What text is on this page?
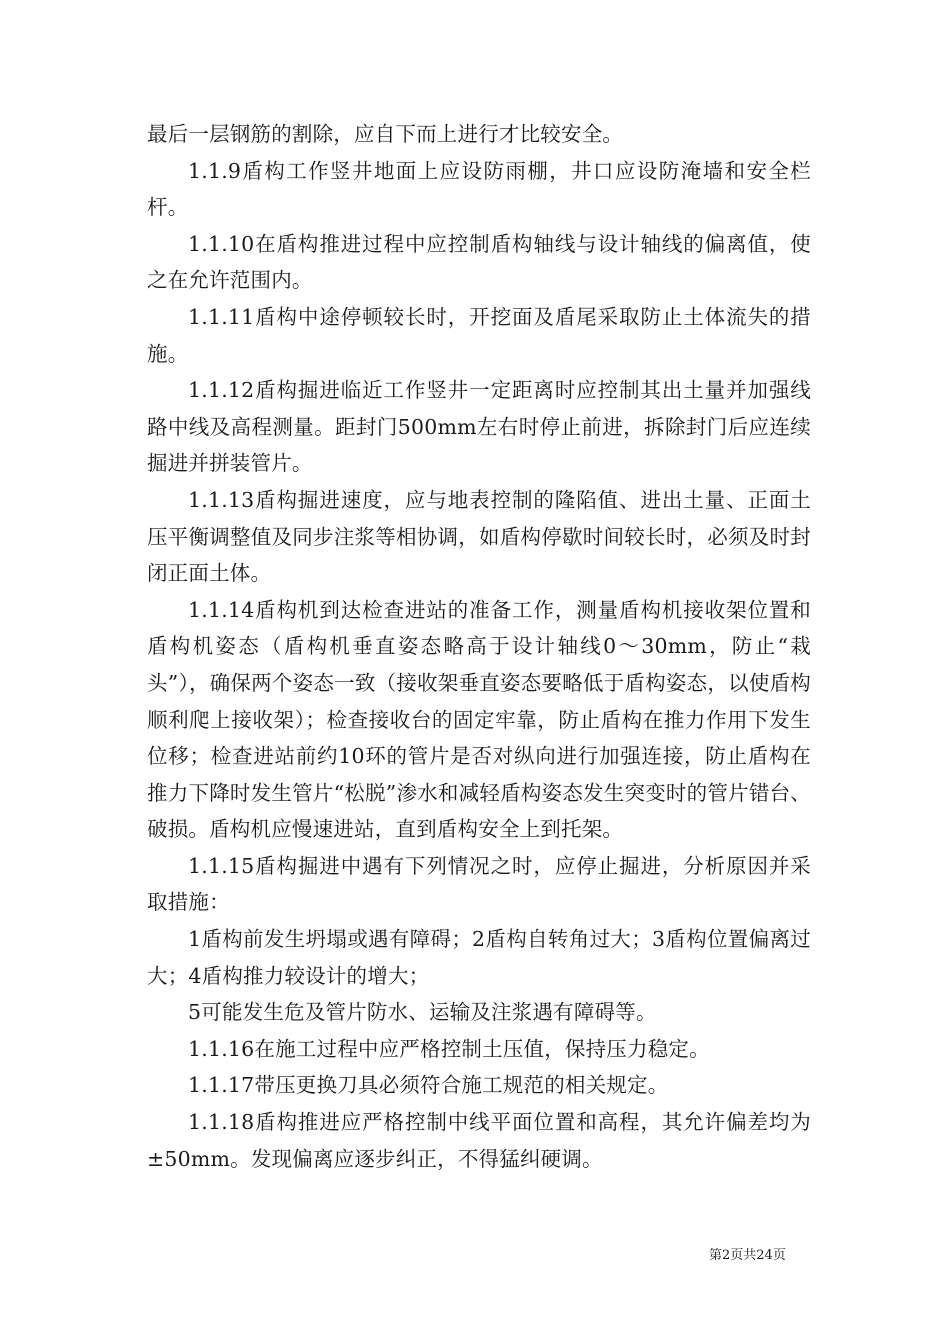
最后一层钢筋的割除，应自下而上进行才比较安全。

1.1.9盾构工作竖井地面上应设防雨棚，井口应设防淹墙和安全栏杆。

1.1.10在盾构推进过程中应控制盾构轴线与设计轴线的偏离值，使之在允许范围内。

1.1.11盾构中途停顿较长时，开挖面及盾尾采取防止土体流失的措施。

1.1.12盾构掘进临近工作竖井一定距离时应控制其出土量并加强线路中线及高程测量。距封门500mm左右时停止前进，拆除封门后应连续掘进并拼装管片。

1.1.13盾构掘进速度，应与地表控制的隆陷值、进出土量、正面土压平衡调整值及同步注浆等相协调，如盾构停歇时间较长时，必须及时封闭正面土体。

1.1.14盾构机到达检查进站的准备工作，测量盾构机接收架位置和盾构机姿态（盾构机垂直姿态略高于设计轴线0～30mm，防止“栽头”），确保两个姿态一致（接收架垂直姿态要略低于盾构姿态，以使盾构顺利爬上接收架）；检查接收台的固定牢靠，防止盾构在推力作用下发生位移；检查进站前约10环的管片是否对纵向进行加强连接，防止盾构在推力下降时发生管片“松脱”渗水和减轻盾构姿态发生突变时的管片错台、破损。盾构机应慢速进站，直到盾构安全上到托架。

1.1.15盾构掘进中遇有下列情况之时，应停止掘进，分析原因并采取措施：

1盾构前发生坍塌或遇有障碍；2盾构自转角过大；3盾构位置偏离过大；4盾构推力较设计的增大；

5可能发生危及管片防水、运输及注浆遇有障碍等。

1.1.16在施工过程中应严格控制土压值，保持压力稳定。

1.1.17带压更换刀具必须符合施工规范的相关规定。

1.1.18盾构推进应严格控制中线平面位置和高程，其允许偏差均为±50mm。发现偏离应逐步纠正，不得猛纠硬调。

第2页共24页
